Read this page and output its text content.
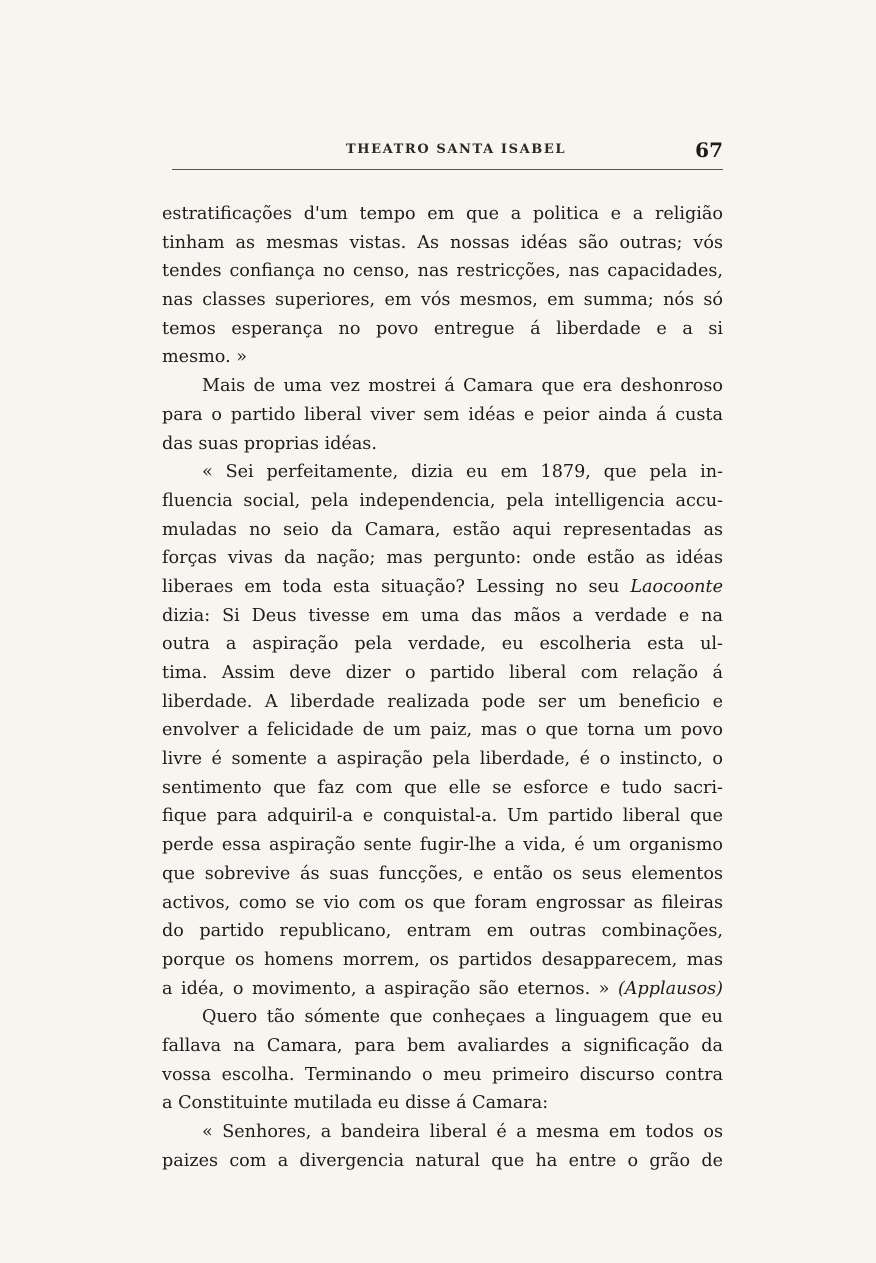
THEATRO SANTA ISABEL	67
estratificações d'um tempo em que a politica e a religião
tinham as mesmas vistas. As nossas idéas são outras; vós
tendes confiança no censo, nas restricções, nas capacidades,
nas classes superiores, em vós mesmos, em summa; nós só
temos esperança no povo entregue á liberdade e a si
mesmo. »
Mais de uma vez mostrei á Camara que era deshonroso
para o partido liberal viver sem idéas e peior ainda á custa
das suas proprias idéas.
« Sei perfeitamente, dizia eu em 1879, que pela in-
fluencia social, pela independencia, pela intelligencia accu-
muladas no seio da Camara, estão aqui representadas as
forças vivas da nação; mas pergunto: onde estão as idéas
liberaes em toda esta situação? Lessing no seu Laocoonte
dizia: Si Deus tivesse em uma das mãos a verdade e na
outra a aspiração pela verdade, eu escolheria esta ul-
tima. Assim deve dizer o partido liberal com relação á
liberdade. A liberdade realizada pode ser um beneficio e
envolver a felicidade de um paiz, mas o que torna um povo
livre é somente a aspiração pela liberdade, é o instincto, o
sentimento que faz com que elle se esforce e tudo sacri-
fique para adquiril-a e conquistal-a. Um partido liberal que
perde essa aspiração sente fugir-lhe a vida, é um organismo
que sobrevive ás suas funcções, e então os seus elementos
activos, como se vio com os que foram engrossar as fileiras
do partido republicano, entram em outras combinações,
porque os homens morrem, os partidos desapparecem, mas
a idéa, o movimento, a aspiração são eternos. » (Applausos)
Quero tão sómente que conheçaes a linguagem que eu
fallava na Camara, para bem avaliardes a significação da
vossa escolha. Terminando o meu primeiro discurso contra
a Constituinte mutilada eu disse á Camara:
« Senhores, a bandeira liberal é a mesma em todos os
paizes com a divergencia natural que ha entre o grão de
